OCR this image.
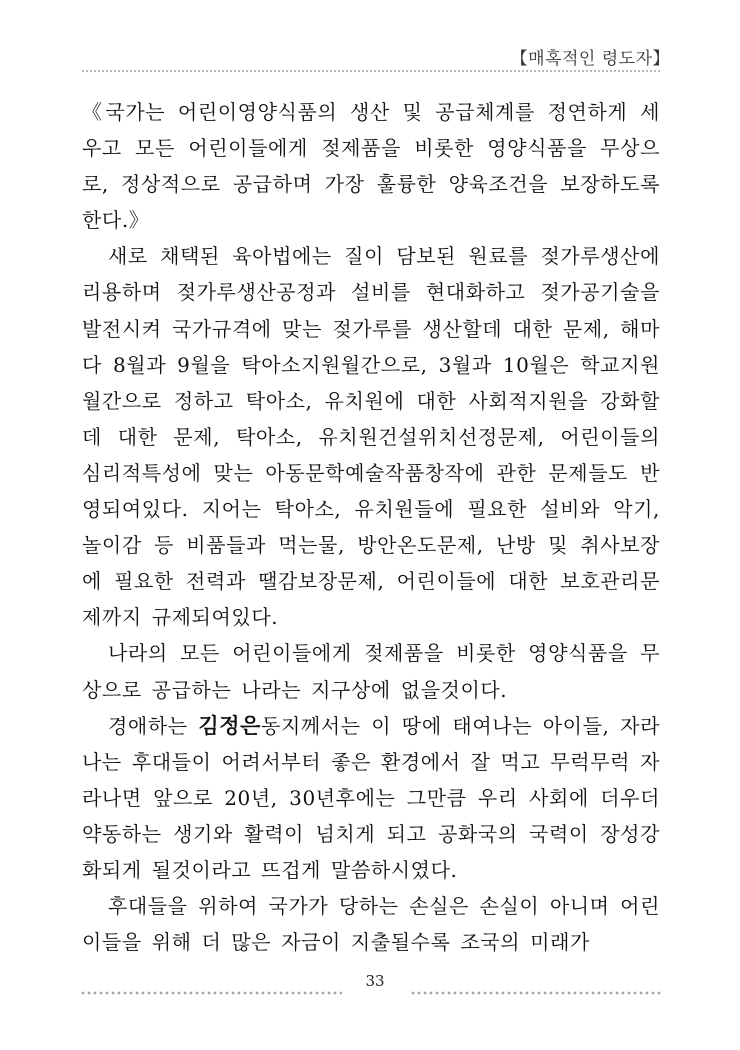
【매혹적인 령도자】

《국가는 어린이영양식품의 생산 및 공급체계를 정연하게 세우고 모든 어린이들에게 젖제품을 비롯한 영양식품을 무상으로, 정상적으로 공급하며 가장 훌륭한 양육조건을 보장하도록 한다.》

새로 채택된 육아법에는 질이 담보된 원료를 젖가루생산에 리용하며 젖가루생산공정과 설비를 현대화하고 젖가공기술을 발전시켜 국가규격에 맞는 젖가루를 생산할데 대한 문제, 해마다 8월과 9월을 탁아소지원월간으로, 3월과 10월은 학교지원월간으로 정하고 탁아소, 유치원에 대한 사회적지원을 강화할데 대한 문제, 탁아소, 유치원건설위치선정문제, 어린이들의 심리적특성에 맞는 아동문학예술작품창작에 관한 문제들도 반영되여있다. 지어는 탁아소, 유치원들에 필요한 설비와 악기, 놀이감 등 비품들과 먹는물, 방안온도문제, 난방 및 취사보장에 필요한 전력과 땔감보장문제, 어린이들에 대한 보호관리문제까지 규제되여있다.

나라의 모든 어린이들에게 젖제품을 비롯한 영양식품을 무상으로 공급하는 나라는 지구상에 없을것이다.

경애하는 김정은동지께서는 이 땅에 태여나는 아이들, 자라나는 후대들이 어려서부터 좋은 환경에서 잘 먹고 무럭무럭 자라나면 앞으로 20년, 30년후에는 그만큼 우리 사회에 더우더 약동하는 생기와 활력이 넘치게 되고 공화국의 국력이 장성강화되게 될것이라고 뜨겁게 말씀하시였다.

후대들을 위하여 국가가 당하는 손실은 손실이 아니며 어린이들을 위해 더 많은 자금이 지출될수록 조국의 미래가

33
